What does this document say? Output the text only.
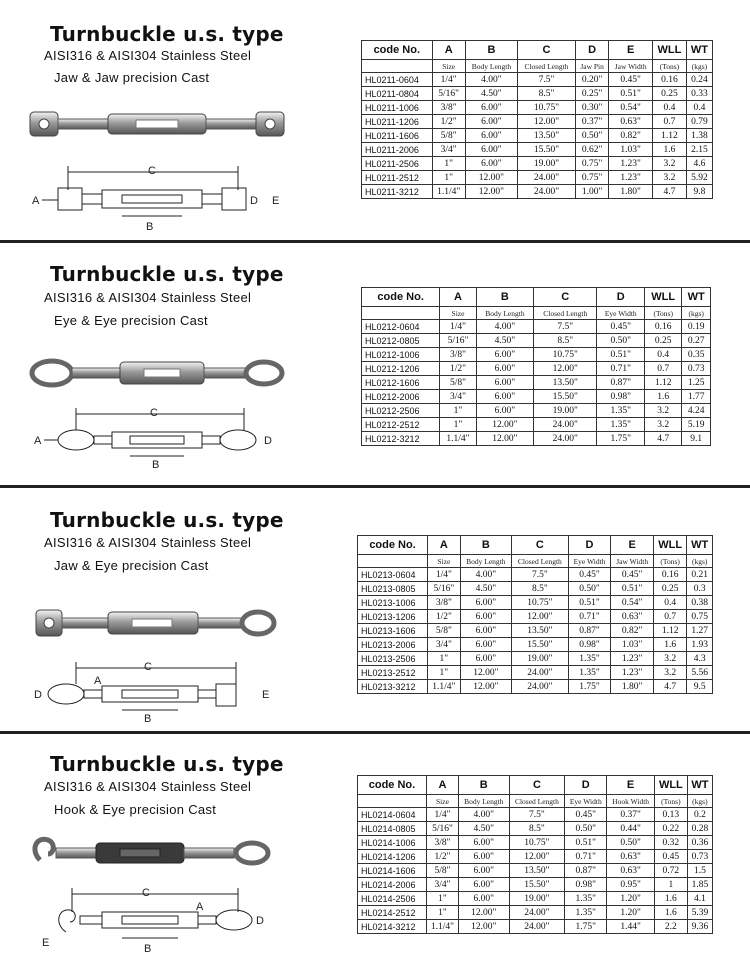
Turnbuckle u.s. type
AISI316 & AISI304 Stainless Steel
Jaw & Jaw precision Cast
C
A	D E
B
code No.	A	B	C	D	E	WLL	WT
	Size	Body Length	Closed Length	Jaw Pin	Jaw Width	(Tons)	(kgs)
HL0211-0604	1/4"	4.00"	7.5"	0.20"	0.45"	0.16	0.24
HL0211-0804	5/16"	4.50"	8.5"	0.25"	0.51"	0.25	0.33
HL0211-1006	3/8"	6.00"	10.75"	0.30"	0.54"	0.4	0.4
HL0211-1206	1/2"	6.00"	12.00"	0.37"	0.63"	0.7	0.79
HL0211-1606	5/8"	6.00"	13.50"	0.50"	0.82"	1.12	1.38
HL0211-2006	3/4"	6.00"	15.50"	0.62"	1.03"	1.6	2.15
HL0211-2506	1"	6.00"	19.00"	0.75"	1.23"	3.2	4.6
HL0211-2512	1"	12.00"	24.00"	0.75"	1.23"	3.2	5.92
HL0211-3212	1.1/4"	12.00"	24.00"	1.00"	1.80"	4.7	9.8
Turnbuckle u.s. type
AISI316 & AISI304 Stainless Steel
Eye & Eye precision Cast
C
A	D
B
code No.	A	B	C	D	WLL	WT
	Size	Body Length	Closed Length	Eye Width	(Tons)	(kgs)
HL0212-0604	1/4"	4.00"	7.5"	0.45"	0.16	0.19
HL0212-0805	5/16"	4.50"	8.5"	0.50"	0.25	0.27
HL0212-1006	3/8"	6.00"	10.75"	0.51"	0.4	0.35
HL0212-1206	1/2"	6.00"	12.00"	0.71"	0.7	0.73
HL0212-1606	5/8"	6.00"	13.50"	0.87"	1.12	1.25
HL0212-2006	3/4"	6.00"	15.50"	0.98"	1.6	1.77
HL0212-2506	1"	6.00"	19.00"	1.35"	3.2	4.24
HL0212-2512	1"	12.00"	24.00"	1.35"	3.2	5.19
HL0212-3212	1.1/4"	12.00"	24.00"	1.75"	4.7	9.1
Turnbuckle u.s. type
AISI316 & AISI304 Stainless Steel
Jaw & Eye precision Cast
C
A
D	E
B
code No.	A	B	C	D	E	WLL	WT
	Size	Body Length	Closed Length	Eye Width	Jaw Width	(Tons)	(kgs)
HL0213-0604	1/4"	4.00"	7.5"	0.45"	0.45"	0.16	0.21
HL0213-0805	5/16"	4.50"	8.5"	0.50"	0.51"	0.25	0.3
HL0213-1006	3/8"	6.00"	10.75"	0.51"	0.54"	0.4	0.38
HL0213-1206	1/2"	6.00"	12.00"	0.71"	0.63"	0.7	0.75
HL0213-1606	5/8"	6.00"	13.50"	0.87"	0.82"	1.12	1.27
HL0213-2006	3/4"	6.00"	15.50"	0.98"	1.03"	1.6	1.93
HL0213-2506	1"	6.00"	19.00"	1.35"	1.23"	3.2	4.3
HL0213-2512	1"	12.00"	24.00"	1.35"	1.23"	3.2	5.56
HL0213-3212	1.1/4"	12.00"	24.00"	1.75"	1.80"	4.7	9.5
Turnbuckle u.s. type
AISI316 & AISI304 Stainless Steel
Hook & Eye precision Cast
C
A
D
E	B
code No.	A	B	C	D	E	WLL	WT
	Size	Body Length	Closed Length	Eye Width	Hook Width	(Tons)	(kgs)
HL0214-0604	1/4"	4.00"	7.5"	0.45"	0.37"	0.13	0.2
HL0214-0805	5/16"	4.50"	8.5"	0.50"	0.44"	0.22	0.28
HL0214-1006	3/8"	6.00"	10.75"	0.51"	0.50"	0.32	0.36
HL0214-1206	1/2"	6.00"	12.00"	0.71"	0.63"	0.45	0.73
HL0214-1606	5/8"	6.00"	13.50"	0.87"	0.63"	0.72	1.5
HL0214-2006	3/4"	6.00"	15.50"	0.98"	0.95"	1	1.85
HL0214-2506	1"	6.00"	19.00"	1.35"	1.20"	1.6	4.1
HL0214-2512	1"	12.00"	24.00"	1.35"	1.20"	1.6	5.39
HL0214-3212	1.1/4"	12.00"	24.00"	1.75"	1.44"	2.2	9.36
